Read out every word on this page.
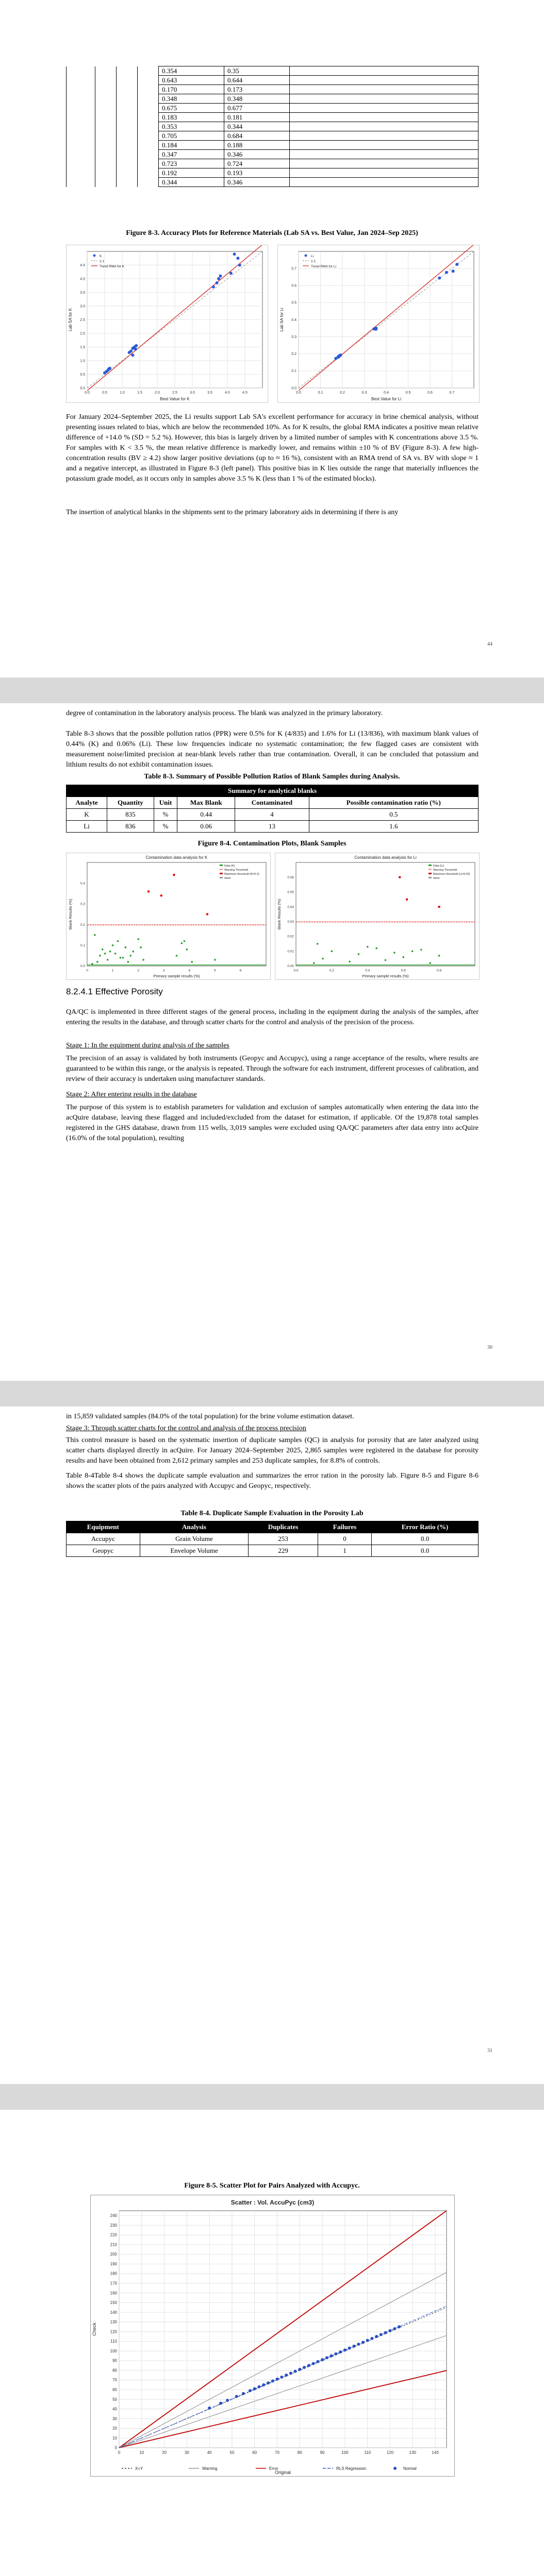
				0.354	0.35	
				0.643	0.644	
				0.170	0.173	
				0.348	0.348	
				0.675	0.677	
				0.183	0.181	
				0.353	0.344	
				0.705	0.684	
				0.184	0.188	
				0.347	0.346	
				0.723	0.724	
				0.192	0.193	
				0.344	0.346	
Figure 8-3. Accuracy Plots for Reference Materials (Lab SA vs. Best Value, Jan 2024–Sep 2025)
0.0	0.5	1.0	1.5	2.0	2.5	3.0	3.5	4.0	4.5
0.0
0.5
1.0
1.5
2.0
2.5
3.0
3.5
4.0
4.5
Best Value for K
Lab SA for K
K
1:1
Trend RMA for K
0.0	0.1	0.2	0.3	0.4	0.5	0.6	0.7
0.0
0.1
0.2
0.3
0.4
0.5
0.6
0.7
Best Value for Li
Lab SA for Li
Li
1:1
Trend RMA for Li

For January 2024–September 2025, the Li results support Lab SA's excellent performance for accuracy in brine chemical analysis, without presenting issues related to bias, which are below the recommended 10%. As for K results, the global RMA indicates a positive mean relative difference of +14.0 % (SD = 5.2 %). However, this bias is largely driven by a limited number of samples with K concentrations above 3.5 %. For samples with K < 3.5 %, the mean relative difference is markedly lower, and remains within ±10 % of BV (Figure 8-3). A few high-concentration results (BV ≥ 4.2) show larger positive deviations (up to ≈ 16 %), consistent with an RMA trend of SA vs. BV with slope ≈ 1 and a negative intercept, as illustrated in Figure 8-3 (left panel). This positive bias in K lies outside the range that materially influences the potassium grade model, as it occurs only in samples above 3.5 % K (less than 1 % of the estimated blocks).

The insertion of analytical blanks in the shipments sent to the primary laboratory aids in determining if there is any

44

degree of contamination in the laboratory analysis process. The blank was analyzed in the primary laboratory.

Table 8-3 shows that the possible pollution ratios (PPR) were 0.5% for K (4/835) and 1.6% for Li (13/836), with maximum blank values of 0.44% (K) and 0.06% (Li). These low frequencies indicate no systematic contamination; the few flagged cases are consistent with measurement noise/limited precision at near-blank levels rather than true contamination. Overall, it can be concluded that potassium and lithium results do not exhibit contamination issues.

Table 8-3. Summary of Possible Pollution Ratios of Blank Samples during Analysis.
Summary for analytical blanks					
Analyte	Quantity	Unit	Max Blank	Contaminated	Possible contamination ratio (%)
K	835	%	0.44	4	0.5
Li	836	%	0.06	13	1.6
Figure 8-4. Contamination Plots, Blank Samples
0	1	2	3	4	5	6
0.0
0.1
0.2
0.3
0.4
Primary sample results (%)
Blank Results (%)
Contamination data analysis for K
Data (K)
Warning Threshold
Maximum threshold (K=0.2)
Ident
0.0	0.2	0.4	0.6	0.8
0.00
0.01
0.02
0.03
0.04
0.05
0.06
Primary sample results (%)
Blank Results (%)
Contamination data analysis for Li
Data (Li)
Warning Threshold
Maximum threshold (Li=0.03)
Ident
8.2.4.1 Effective Porosity

QA/QC is implemented in three different stages of the general process, including in the equipment during the analysis of the samples, after entering the results in the database, and through scatter charts for the control and analysis of the precision of the process.

Stage 1: In the equipment during analysis of the samples

The precision of an assay is validated by both instruments (Geopyc and Accupyc), using a range acceptance of the results, where results are guaranteed to be within this range, or the analysis is repeated. Through the software for each instrument, different processes of calibration, and review of their accuracy is undertaken using manufacturer standards.

Stage 2: After entering results in the database

The purpose of this system is to establish parameters for validation and exclusion of samples automatically when entering the data into the acQuire database, leaving these flagged and included/excluded from the dataset for estimation, if applicable. Of the 19,878 total samples registered in the GHS database, drawn from 115 wells, 3,019 samples were excluded using QA/QC parameters after data entry into acQuire (16.0% of the total population), resulting

30

in 15,859 validated samples (84.0% of the total population) for the brine volume estimation dataset.

Stage 3: Through scatter charts for the control and analysis of the process precision

This control measure is based on the systematic insertion of duplicate samples (QC) in analysis for porosity that are later analyzed using scatter charts displayed directly in acQuire. For January 2024–September 2025, 2,865 samples were registered in the database for porosity results and have been obtained from 2,612 primary samples and 253 duplicate samples, for 8.8% of controls.

Table 8-4Table 8-4 shows the duplicate sample evaluation and summarizes the error ration in the porosity lab. Figure 8-5 and Figure 8-6 shows the scatter plots of the pairs analyzed with Accupyc and Geopyc, respectively.

Table 8-4. Duplicate Sample Evaluation in the Porosity Lab
Equipment	Analysis	Duplicates	Failures	Error Ratio (%)
Accupyc	Grain Volume	253	0	0.0
Geopyc	Envelope Volume	229	1	0.0
31
Figure 8-5. Scatter Plot for Pairs Analyzed with Accupyc.
0	10	20	30	40	50	60	70	80	90	100	110	120	130	140
0
10
20
30
40
50
60
70
80
90
100
110
120
130
140
150
160
170
180
190
200
210
220
230
240
Original
Check
Scatter : Vol. AccuPyc (cm3)
X=Y	Warning	Error	RLS Regression	Normal
